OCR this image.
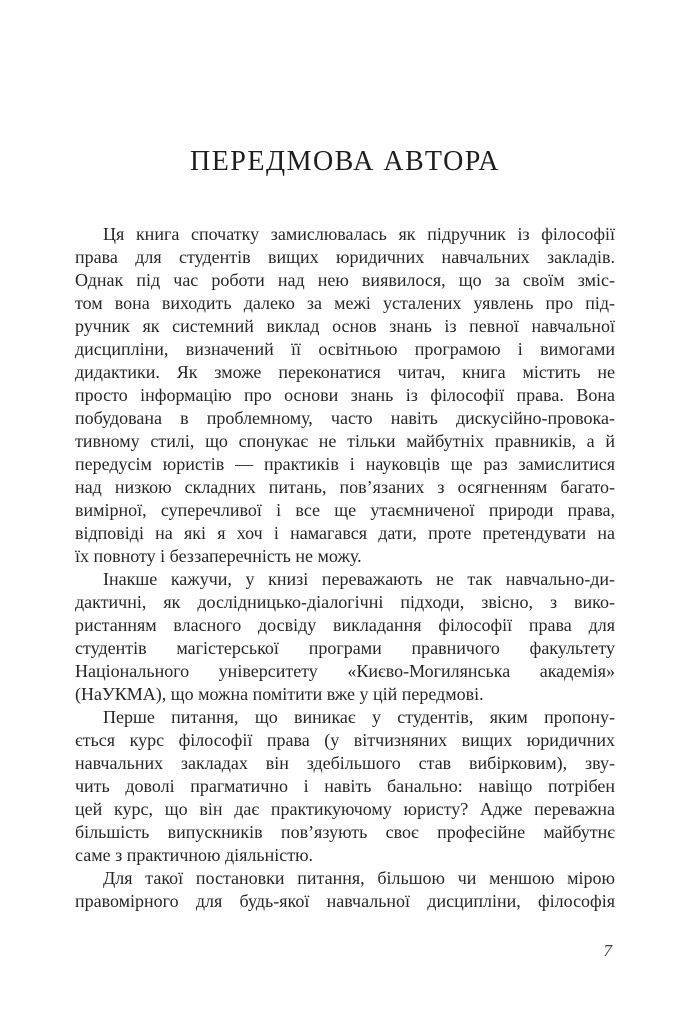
ПЕРЕДМОВА АВТОРА
Ця книга спочатку замислювалась як підручник із філософії
права для студентів вищих юридичних навчальних закладів.
Однак під час роботи над нею виявилося, що за своїм зміс-
том вона виходить далеко за межі усталених уявлень про під-
ручник як системний виклад основ знань із певної навчальної
дисципліни, визначений її освітньою програмою і вимогами
дидактики. Як зможе переконатися читач, книга містить не
просто інформацію про основи знань із філософії права. Вона
побудована в проблемному, часто навіть дискусійно-провока-
тивному стилі, що спонукає не тільки майбутніх правників, а й
передусім юристів — практиків і науковців ще раз замислитися
над низкою складних питань, пов’язаних з осягненням багато-
вимірної, суперечливої і все ще утаємниченої природи права,
відповіді на які я хоч і намагався дати, проте претендувати на
їх повноту і беззаперечність не можу.
Інакше кажучи, у книзі переважають не так навчально-ди-
дактичні, як дослідницько-діалогічні підходи, звісно, з вико-
ристанням власного досвіду викладання філософії права для
студентів магістерської програми правничого факультету
Національного університету «Києво-Могилянська академія»
(НаУКМА), що можна помітити вже у цій передмові.
Перше питання, що виникає у студентів, яким пропону-
ється курс філософії права (у вітчизняних вищих юридичних
навчальних закладах він здебільшого став вибірковим), зву-
чить доволі прагматично і навіть банально: навіщо потрібен
цей курс, що він дає практикуючому юристу? Адже переважна
більшість випускників пов’язують своє професійне майбутнє
саме з практичною діяльністю.
Для такої постановки питання, більшою чи меншою мірою
правомірного для будь-якої навчальної дисципліни, філософія
7
